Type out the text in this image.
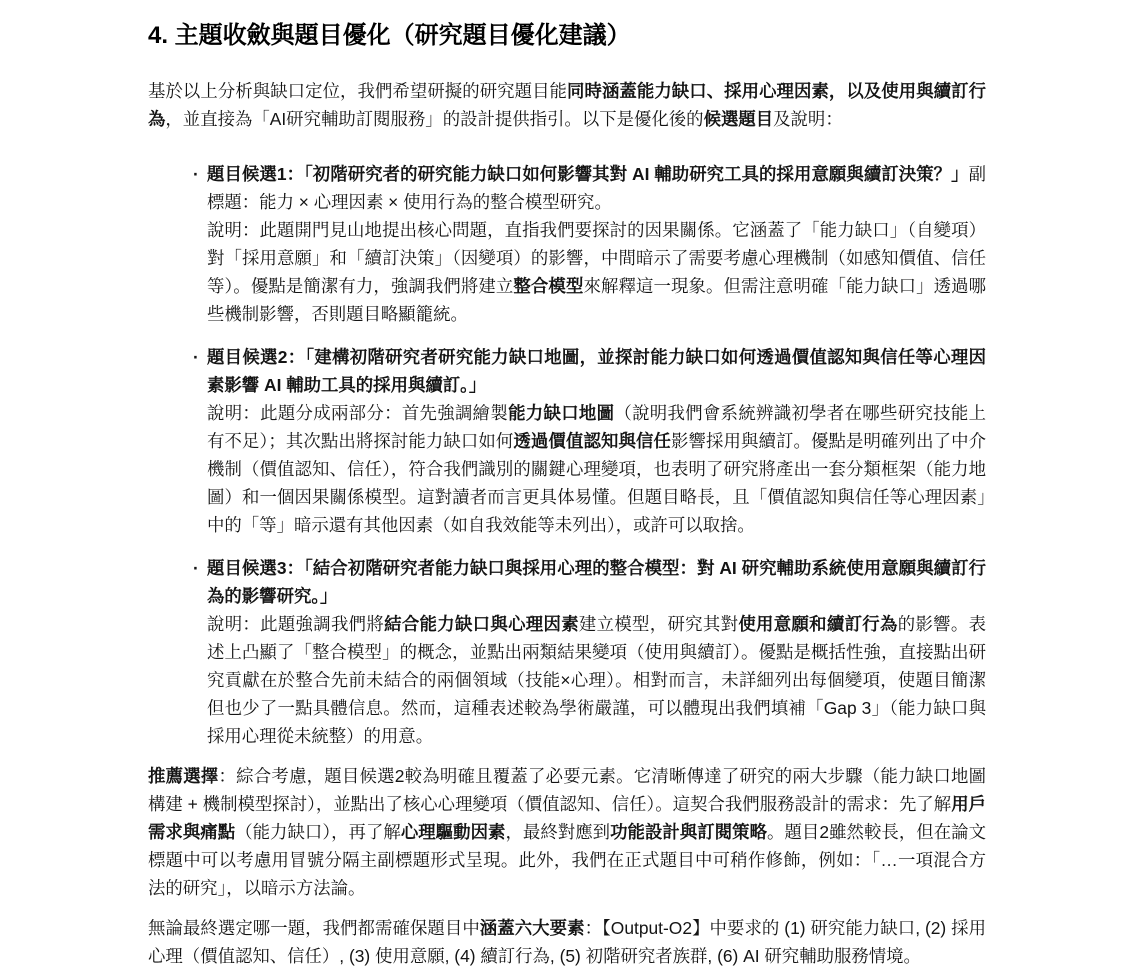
4. 主題收斂與題目優化（研究題目優化建議）

基於以上分析與缺口定位，我們希望研擬的研究題目能同時涵蓋能力缺口、採用心理因素，以及使用與續訂行為，並直接為「AI研究輔助訂閱服務」的設計提供指引。以下是優化後的候選題目及說明：

· 題目候選1：「初階研究者的研究能力缺口如何影響其對 AI 輔助研究工具的採用意願與續訂決策？」副標題：能力 × 心理因素 × 使用行為的整合模型研究。
說明：此題開門見山地提出核心問題，直指我們要探討的因果關係。它涵蓋了「能力缺口」（自變項）對「採用意願」和「續訂決策」（因變項）的影響，中間暗示了需要考慮心理機制（如感知價值、信任等）。優點是簡潔有力，強調我們將建立整合模型來解釋這一現象。但需注意明確「能力缺口」透過哪些機制影響，否則題目略顯籠統。
· 題目候選2：「建構初階研究者研究能力缺口地圖，並探討能力缺口如何透過價值認知與信任等心理因素影響 AI 輔助工具的採用與續訂。」
說明：此題分成兩部分：首先強調繪製能力缺口地圖（說明我們會系統辨識初學者在哪些研究技能上有不足）；其次點出將探討能力缺口如何透過價值認知與信任影響採用與續訂。優點是明確列出了中介機制（價值認知、信任），符合我們識別的關鍵心理變項，也表明了研究將產出一套分類框架（能力地圖）和一個因果關係模型。這對讀者而言更具体易懂。但題目略長，且「價值認知與信任等心理因素」中的「等」暗示還有其他因素（如自我效能等未列出），或許可以取捨。
· 題目候選3：「結合初階研究者能力缺口與採用心理的整合模型：對 AI 研究輔助系統使用意願與續訂行為的影響研究。」
說明：此題強調我們將結合能力缺口與心理因素建立模型，研究其對使用意願和續訂行為的影響。表述上凸顯了「整合模型」的概念，並點出兩類結果變項（使用與續訂）。優點是概括性強，直接點出研究貢獻在於整合先前未結合的兩個領域（技能×心理）。相對而言，未詳細列出每個變項，使題目簡潔但也少了一點具體信息。然而，這種表述較為學術嚴謹，可以體現出我們填補「Gap 3」（能力缺口與採用心理從未統整）的用意。

推薦選擇：綜合考慮，題目候選2較為明確且覆蓋了必要元素。它清晰傳達了研究的兩大步驟（能力缺口地圖構建 + 機制模型探討），並點出了核心心理變項（價值認知、信任）。這契合我們服務設計的需求：先了解用戶需求與痛點（能力缺口），再了解心理驅動因素，最終對應到功能設計與訂閱策略。題目2雖然較長，但在論文標題中可以考慮用冒號分隔主副標題形式呈現。此外，我們在正式題目中可稍作修飾，例如：「…一項混合方法的研究」，以暗示方法論。

無論最終選定哪一題，我們都需確保題目中涵蓋六大要素：【Output-O2】中要求的 (1) 研究能力缺口, (2) 採用心理（價值認知、信任）, (3) 使用意願, (4) 續訂行為, (5) 初階研究者族群, (6) AI 研究輔助服務情境。
